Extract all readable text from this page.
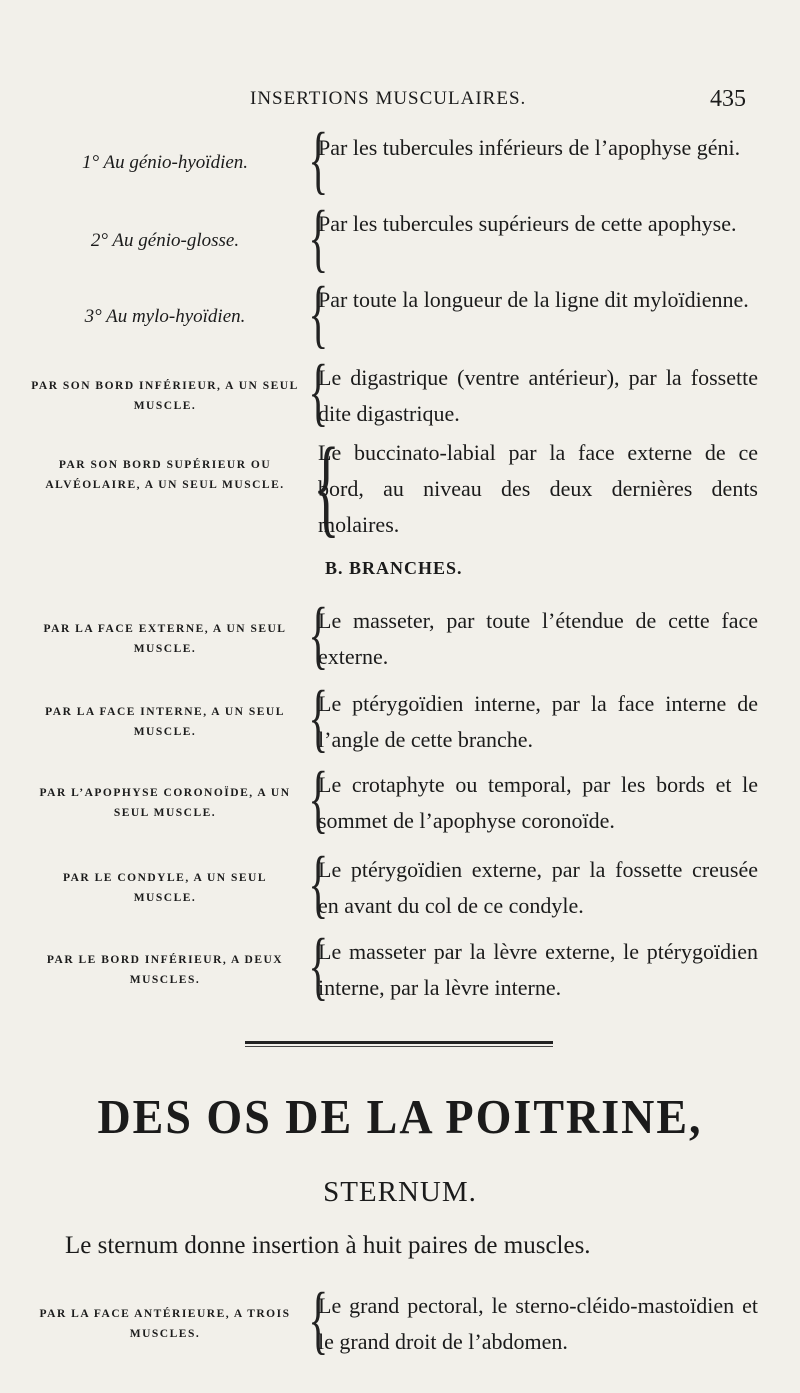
INSERTIONS MUSCULAIRES.	435
1° Au génio-hyoïdien. {
Par les tubercules inférieurs de l’apophyse géni.
2° Au génio-glosse. {
Par les tubercules supérieurs de cette apophyse.
3° Au mylo-hyoïdien. {
Par toute la longueur de la ligne dit myloïdienne.
PAR SON BORD INFÉRIEUR, A UN SEUL MUSCLE.	{
Le digastrique (ventre antérieur), par la fossette dite digastrique.
PAR SON BORD SUPÉRIEUR OU ALVÉOLAIRE, A UN SEUL MUSCLE. {
Le buccinato-labial par la face externe de ce bord, au niveau des deux dernières dents molaires.
B. BRANCHES.
PAR LA FACE EXTERNE, A UN SEUL MUSCLE.	{
Le masseter, par toute l’étendue de cette face externe.
PAR LA FACE INTERNE, A UN SEUL MUSCLE.	{
Le ptérygoïdien interne, par la face interne de l’angle de cette branche.
PAR L’APOPHYSE CORONOÏDE, A UN SEUL MUSCLE.	{
Le crotaphyte ou temporal, par les bords et le sommet de l’apophyse coronoïde.
PAR LE CONDYLE, A UN SEUL MUSCLE.	{
Le ptérygoïdien externe, par la fossette creusée en avant du col de ce condyle.
PAR LE BORD INFÉRIEUR, A DEUX MUSCLES.	{
Le masseter par la lèvre externe, le ptérygoïdien interne, par la lèvre interne.
DES OS DE LA POITRINE,
STERNUM.
Le sternum donne insertion à huit paires de muscles.
PAR LA FACE ANTÉRIEURE, A TROIS MUSCLES.	{
Le grand pectoral, le sterno-cléido-mastoïdien et le grand droit de l’abdomen.
